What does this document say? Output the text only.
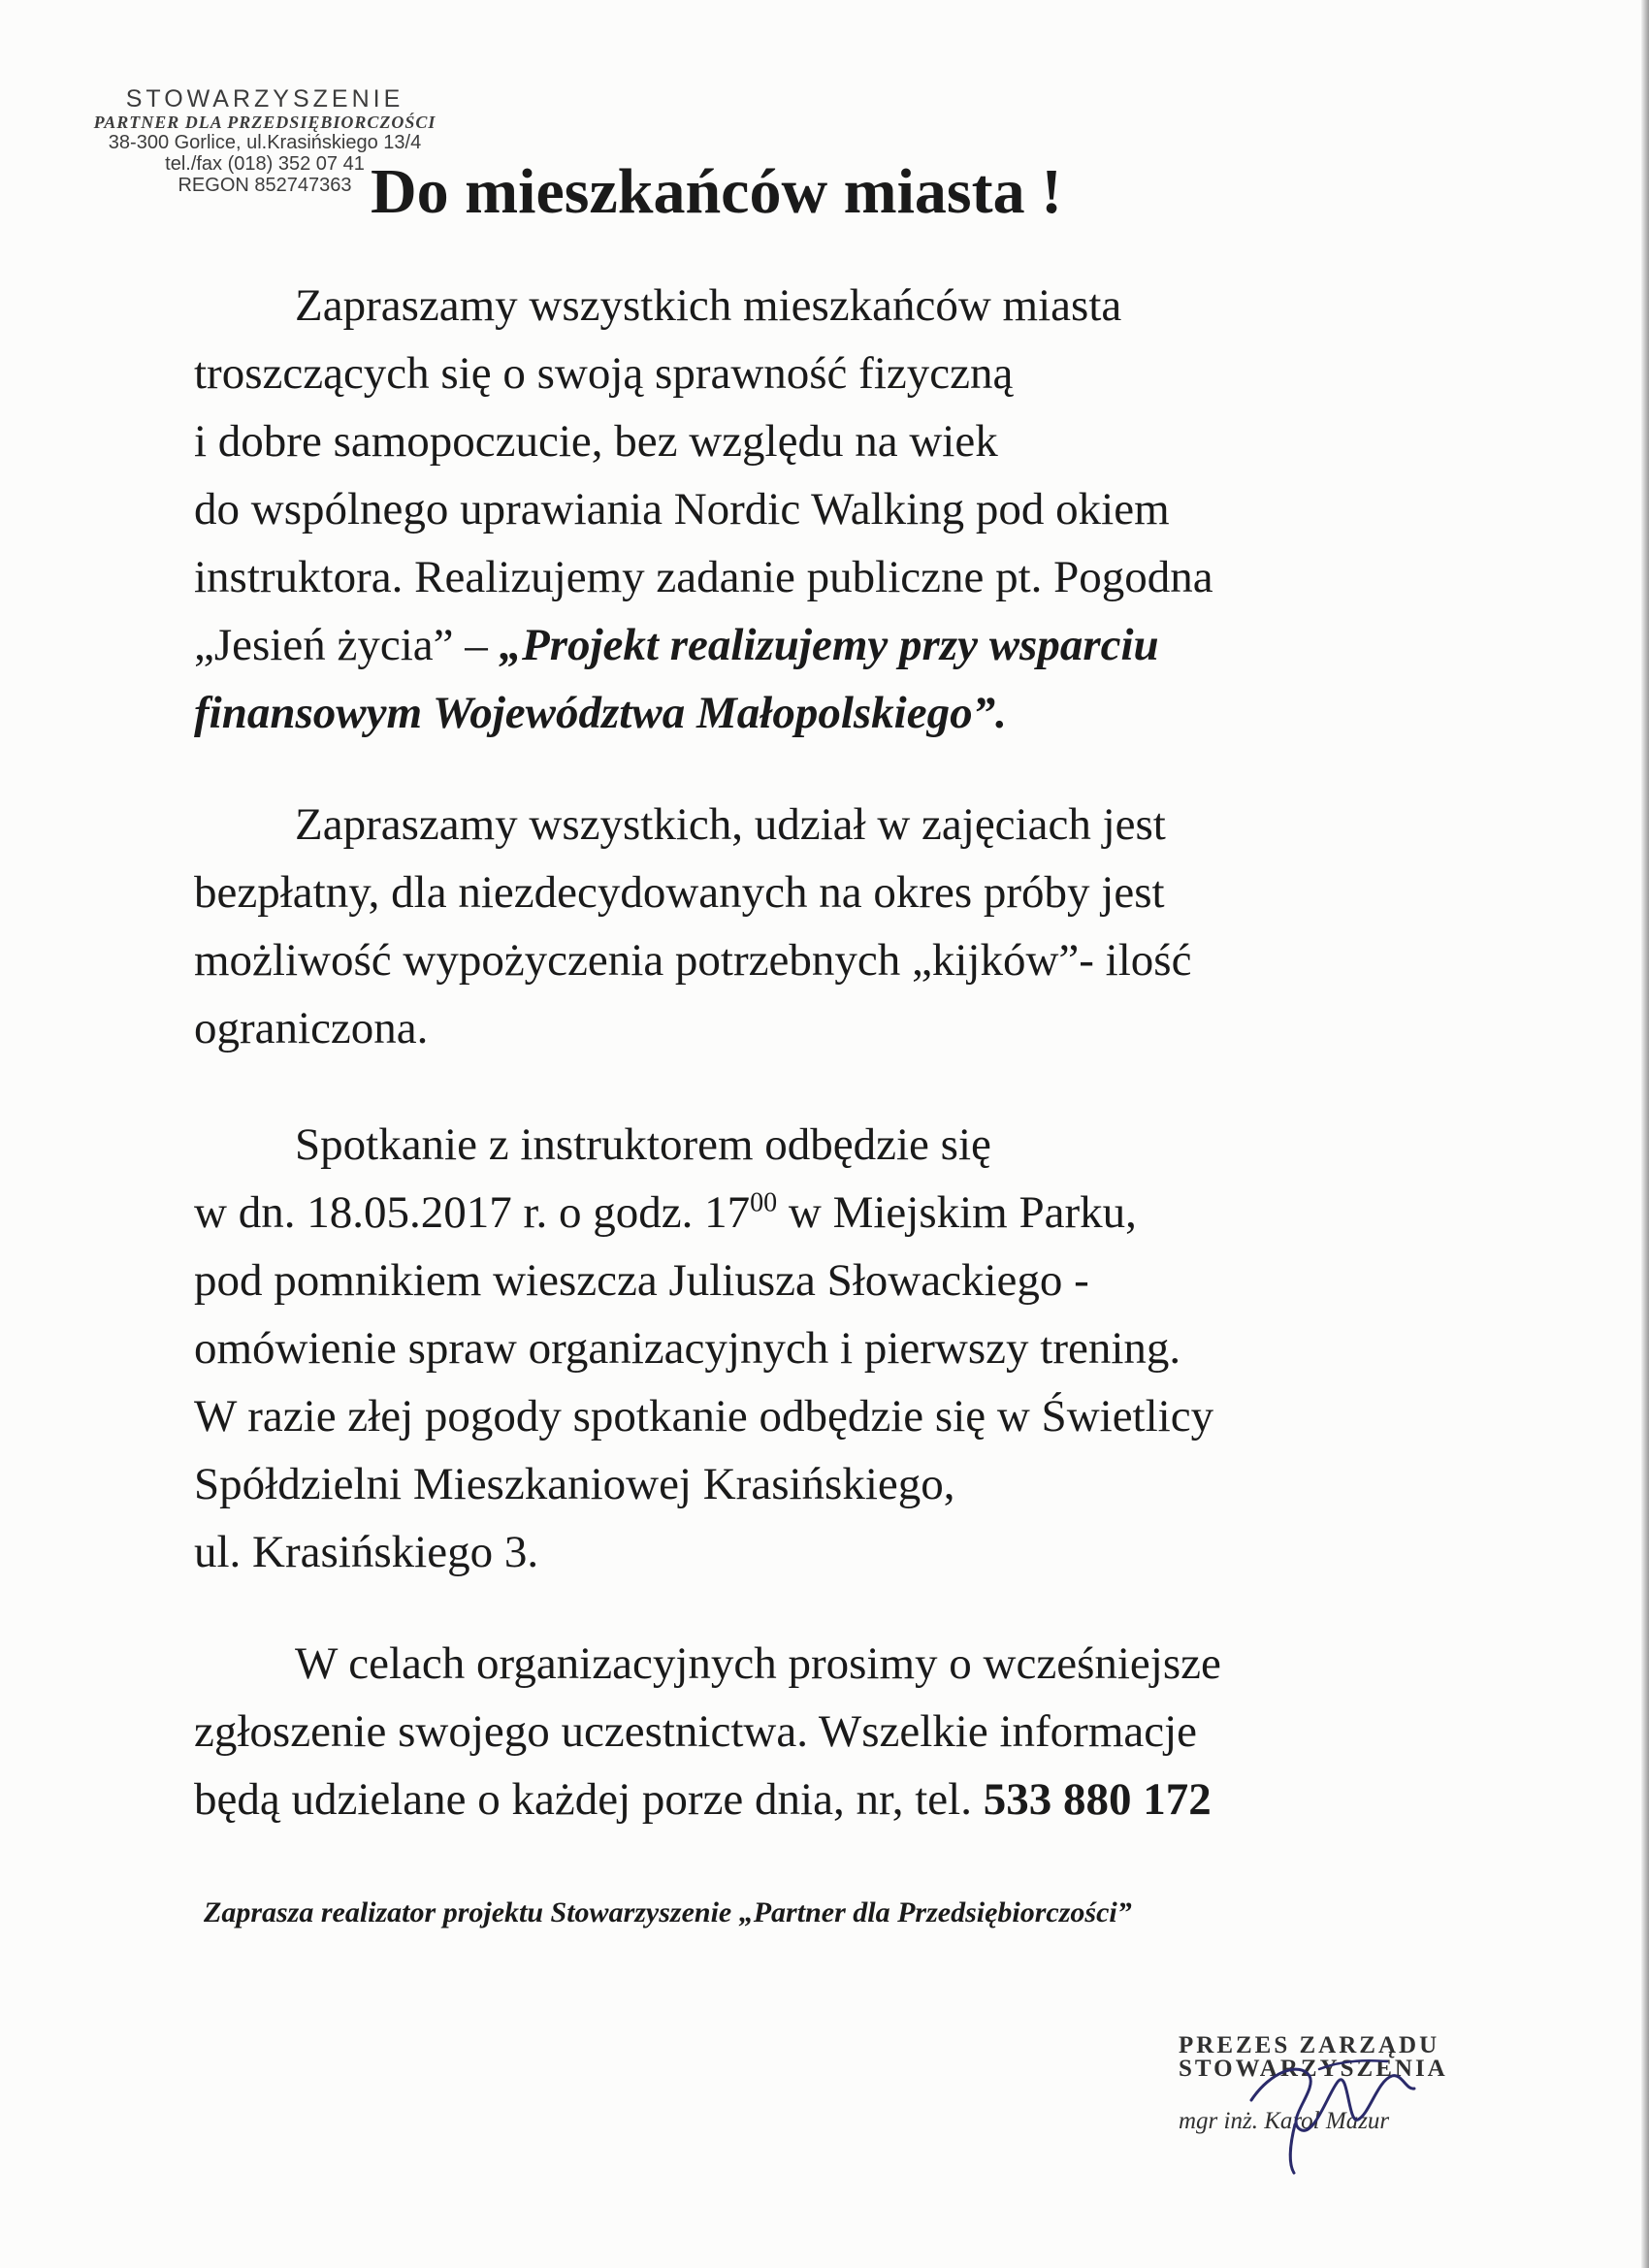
STOWARZYSZENIE
PARTNER DLA PRZEDSIĘBIORCZOŚCI
38-300 Gorlice, ul.Krasińskiego 13/4
tel./fax (018) 352 07 41
REGON 852747363 Do mieszkańców miasta !
Zapraszamy wszystkich mieszkańców miasta
troszczących się o swoją sprawność fizyczną
i dobre samopoczucie, bez względu na wiek
do wspólnego uprawiania Nordic Walking pod okiem
instruktora. Realizujemy zadanie publiczne pt. Pogodna
„Jesień życia” – „Projekt realizujemy przy wsparciu
finansowym Województwa Małopolskiego”.
Zapraszamy wszystkich, udział w zajęciach jest
bezpłatny, dla niezdecydowanych na okres próby jest
możliwość wypożyczenia potrzebnych „kijków”- ilość
ograniczona.
Spotkanie z instruktorem odbędzie się
w dn. 18.05.2017 r. o godz. $17^{00}$ w Miejskim Parku,
pod pomnikiem wieszcza Juliusza Słowackiego -
omówienie spraw organizacyjnych i pierwszy trening.
W razie złej pogody spotkanie odbędzie się w Świetlicy
Spółdzielni Mieszkaniowej Krasińskiego,
ul. Krasińskiego 3.
W celach organizacyjnych prosimy o wcześniejsze
zgłoszenie swojego uczestnictwa. Wszelkie informacje
będą udzielane o każdej porze dnia, nr, tel. 533 880 172
Zaprasza realizator projektu Stowarzyszenie „Partner dla Przedsiębiorczości”
PREZES ZARZĄDU
STOWARZYSZENIA
mgr inż. Karol Mazur
